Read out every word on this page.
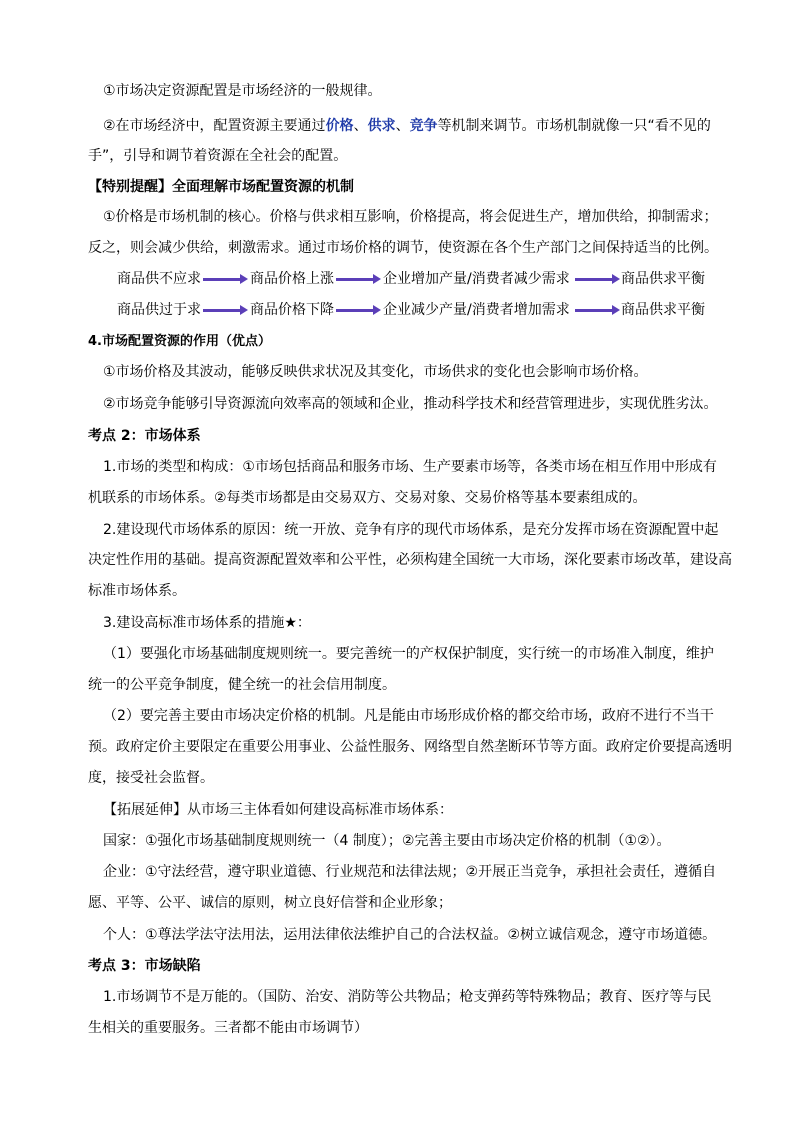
①市场决定资源配置是市场经济的一般规律。
②在市场经济中，配置资源主要通过价格、供求、竞争等机制来调节。市场机制就像一只“看不见的
手”，引导和调节着资源在全社会的配置。
【特别提醒】全面理解市场配置资源的机制
①价格是市场机制的核心。价格与供求相互影响，价格提高，将会促进生产，增加供给，抑制需求；
反之，则会减少供给，刺激需求。通过市场价格的调节，使资源在各个生产部门之间保持适当的比例。
商品供不应求	商品价格上涨	企业增加产量/消费者减少需求	商品供求平衡
商品供过于求	商品价格下降	企业减少产量/消费者增加需求	商品供求平衡
4.市场配置资源的作用（优点）
①市场价格及其波动，能够反映供求状况及其变化，市场供求的变化也会影响市场价格。
②市场竞争能够引导资源流向效率高的领域和企业，推动科学技术和经营管理进步，实现优胜劣汰。
考点 2：市场体系
1.市场的类型和构成：①市场包括商品和服务市场、生产要素市场等，各类市场在相互作用中形成有
机联系的市场体系。②每类市场都是由交易双方、交易对象、交易价格等基本要素组成的。
2.建设现代市场体系的原因：统一开放、竞争有序的现代市场体系，是充分发挥市场在资源配置中起
决定性作用的基础。提高资源配置效率和公平性，必须构建全国统一大市场，深化要素市场改革，建设高
标准市场体系。
3.建设高标准市场体系的措施★：
（1）要强化市场基础制度规则统一。要完善统一的产权保护制度，实行统一的市场准入制度，维护
统一的公平竞争制度，健全统一的社会信用制度。
（2）要完善主要由市场决定价格的机制。凡是能由市场形成价格的都交给市场，政府不进行不当干
预。政府定价主要限定在重要公用事业、公益性服务、网络型自然垄断环节等方面。政府定价要提高透明
度，接受社会监督。
【拓展延伸】从市场三主体看如何建设高标准市场体系：
国家：①强化市场基础制度规则统一（4 制度）；②完善主要由市场决定价格的机制（①②）。
企业：①守法经营，遵守职业道德、行业规范和法律法规；②开展正当竞争，承担社会责任，遵循自
愿、平等、公平、诚信的原则，树立良好信誉和企业形象；
个人：①尊法学法守法用法，运用法律依法维护自己的合法权益。②树立诚信观念，遵守市场道德。
考点 3：市场缺陷
1.市场调节不是万能的。（国防、治安、消防等公共物品；枪支弹药等特殊物品；教育、医疗等与民
生相关的重要服务。三者都不能由市场调节）
